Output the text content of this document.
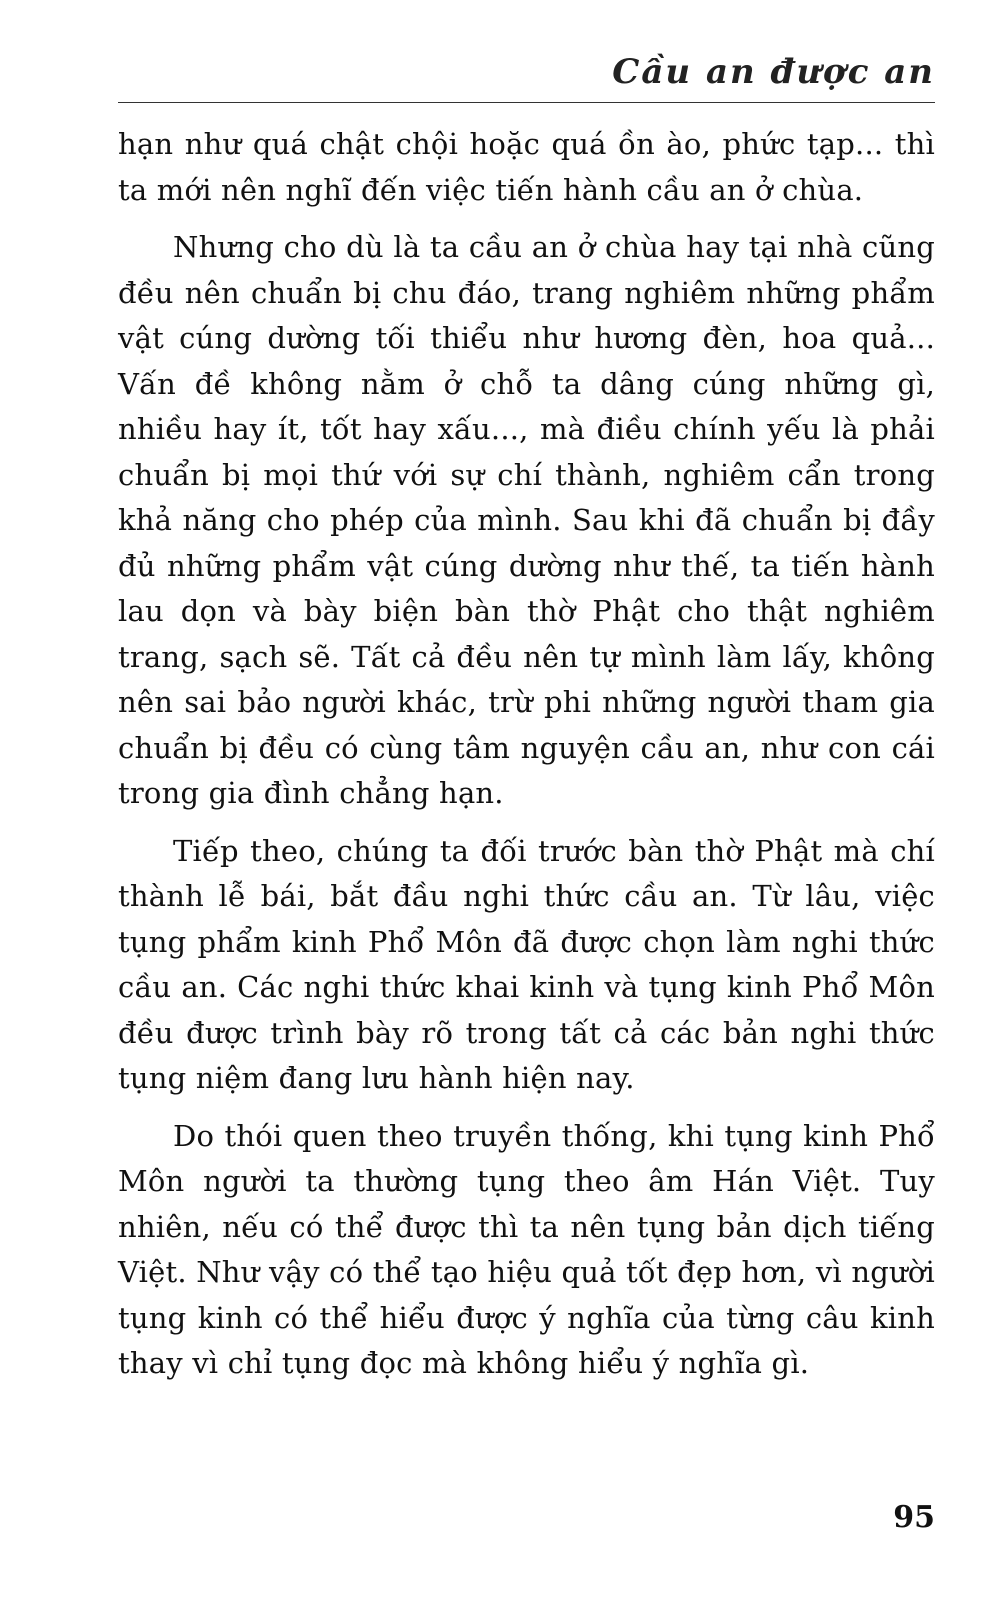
Cầu an được an

hạn như quá chật chội hoặc quá ồn ào, phức tạp... thì ta mới nên nghĩ đến việc tiến hành cầu an ở chùa.

Nhưng cho dù là ta cầu an ở chùa hay tại nhà cũng đều nên chuẩn bị chu đáo, trang nghiêm những phẩm vật cúng dường tối thiểu như hương đèn, hoa quả... Vấn đề không nằm ở chỗ ta dâng cúng những gì, nhiều hay ít, tốt hay xấu..., mà điều chính yếu là phải chuẩn bị mọi thứ với sự chí thành, nghiêm cẩn trong khả năng cho phép của mình. Sau khi đã chuẩn bị đầy đủ những phẩm vật cúng dường như thế, ta tiến hành lau dọn và bày biện bàn thờ Phật cho thật nghiêm trang, sạch sẽ. Tất cả đều nên tự mình làm lấy, không nên sai bảo người khác, trừ phi những người tham gia chuẩn bị đều có cùng tâm nguyện cầu an, như con cái trong gia đình chẳng hạn.

Tiếp theo, chúng ta đối trước bàn thờ Phật mà chí thành lễ bái, bắt đầu nghi thức cầu an. Từ lâu, việc tụng phẩm kinh Phổ Môn đã được chọn làm nghi thức cầu an. Các nghi thức khai kinh và tụng kinh Phổ Môn đều được trình bày rõ trong tất cả các bản nghi thức tụng niệm đang lưu hành hiện nay.

Do thói quen theo truyền thống, khi tụng kinh Phổ Môn người ta thường tụng theo âm Hán Việt. Tuy nhiên, nếu có thể được thì ta nên tụng bản dịch tiếng Việt. Như vậy có thể tạo hiệu quả tốt đẹp hơn, vì người tụng kinh có thể hiểu được ý nghĩa của từng câu kinh thay vì chỉ tụng đọc mà không hiểu ý nghĩa gì.

95
